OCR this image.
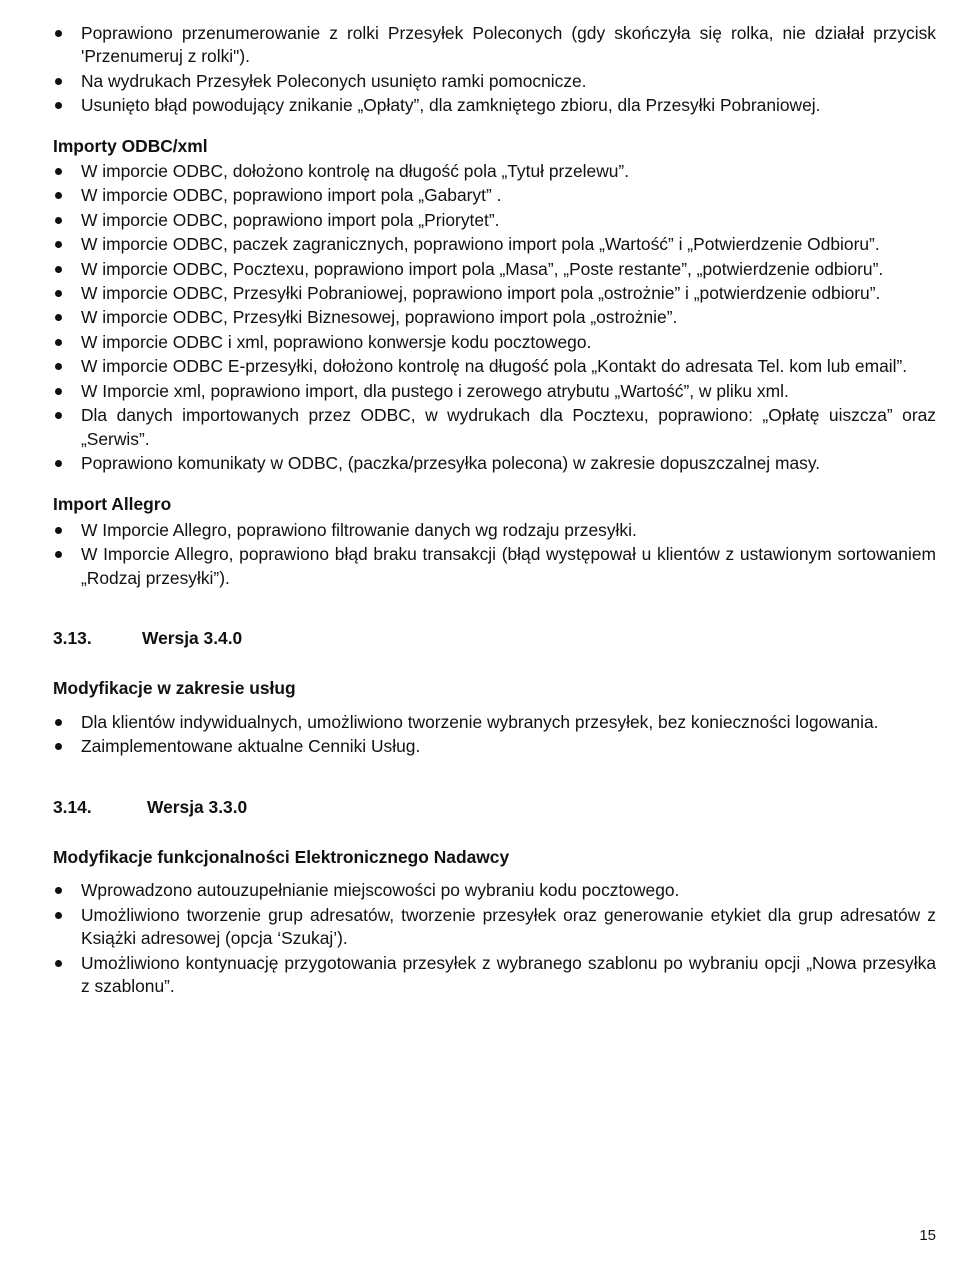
Poprawiono przenumerowanie z rolki Przesyłek Poleconych (gdy skończyła się rolka, nie działał przycisk 'Przenumeruj z rolki").
Na wydrukach Przesyłek Poleconych usunięto ramki pomocnicze.
Usunięto błąd powodujący znikanie „Opłaty”, dla zamkniętego zbioru, dla Przesyłki Pobraniowej.

Importy ODBC/xml

W imporcie ODBC, dołożono kontrolę na długość pola „Tytuł przelewu”.
W imporcie ODBC, poprawiono import pola „Gabaryt” .
W imporcie ODBC, poprawiono import pola „Priorytet”.
W imporcie ODBC, paczek zagranicznych, poprawiono import pola „Wartość” i „Potwierdzenie Odbioru”.
W imporcie ODBC, Pocztexu, poprawiono import pola „Masa”, „Poste restante”, „potwierdzenie odbioru”.
W imporcie ODBC, Przesyłki Pobraniowej, poprawiono import pola „ostrożnie” i „potwierdzenie odbioru”.
W imporcie ODBC, Przesyłki Biznesowej, poprawiono import pola „ostrożnie”.
W imporcie ODBC i xml, poprawiono konwersje kodu pocztowego.
W imporcie ODBC E-przesyłki, dołożono kontrolę na długość pola „Kontakt do adresata Tel. kom lub email”.
W Imporcie xml, poprawiono import, dla pustego i zerowego atrybutu „Wartość”, w pliku xml.
Dla danych importowanych przez ODBC, w wydrukach dla Pocztexu, poprawiono: „Opłatę uiszcza” oraz „Serwis”.
Poprawiono komunikaty w ODBC, (paczka/przesyłka polecona) w zakresie dopuszczalnej masy.

Import Allegro

W Imporcie Allegro, poprawiono filtrowanie danych wg rodzaju przesyłki.
W Imporcie Allegro, poprawiono błąd braku transakcji (błąd występował u klientów z ustawionym sortowaniem „Rodzaj przesyłki”).

3.13.	Wersja 3.4.0

Modyfikacje w zakresie usług

Dla klientów indywidualnych, umożliwiono tworzenie wybranych przesyłek, bez konieczności logowania.
Zaimplementowane aktualne Cenniki Usług.

3.14.	Wersja 3.3.0

Modyfikacje funkcjonalności Elektronicznego Nadawcy

Wprowadzono autouzupełnianie miejscowości po wybraniu kodu pocztowego.
Umożliwiono tworzenie grup adresatów, tworzenie przesyłek oraz generowanie etykiet dla grup adresatów z Książki adresowej (opcja ‘Szukaj’).
Umożliwiono kontynuację przygotowania przesyłek z wybranego szablonu po wybraniu opcji „Nowa przesyłka z szablonu”.
15
